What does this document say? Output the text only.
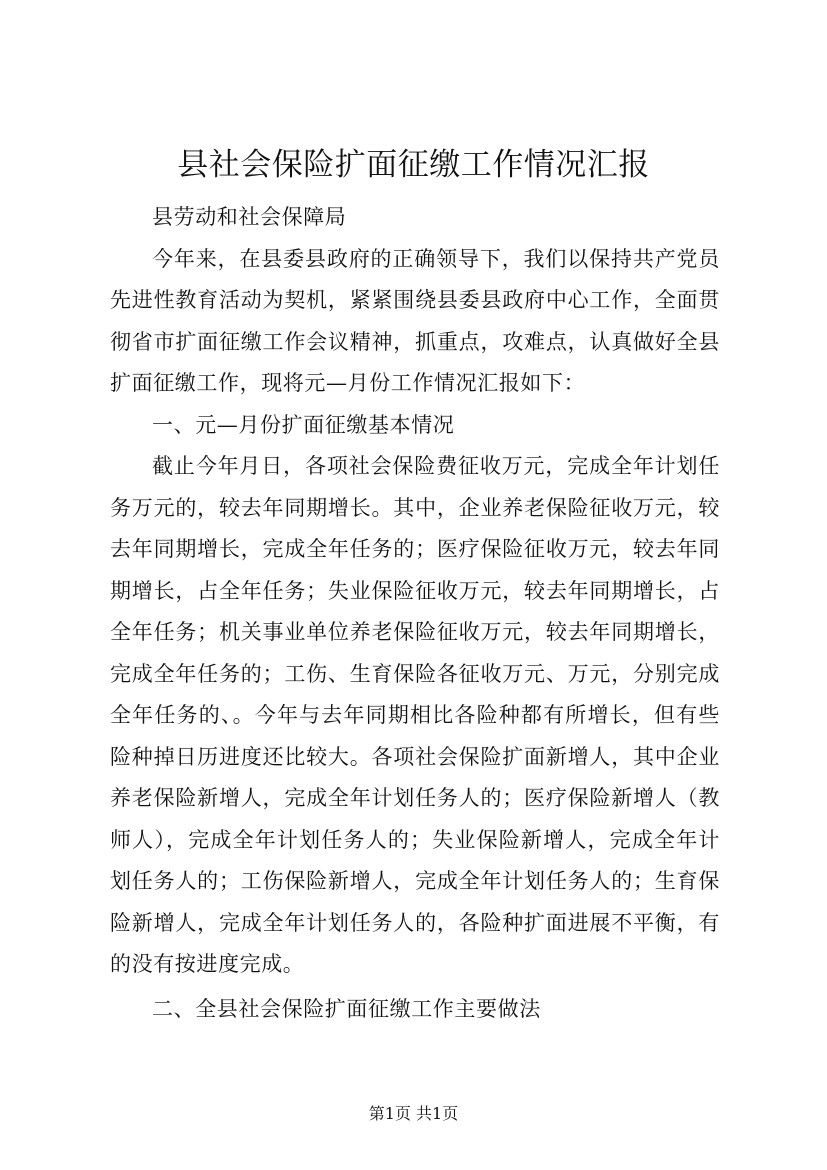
县社会保险扩面征缴工作情况汇报

县劳动和社会保障局

今年来，在县委县政府的正确领导下，我们以保持共产党员先进性教育活动为契机，紧紧围绕县委县政府中心工作，全面贯彻省市扩面征缴工作会议精神，抓重点，攻难点，认真做好全县扩面征缴工作，现将元—月份工作情况汇报如下：

一、元—月份扩面征缴基本情况

截止今年月日，各项社会保险费征收万元，完成全年计划任务万元的，较去年同期增长。其中，企业养老保险征收万元，较去年同期增长，完成全年任务的；医疗保险征收万元，较去年同期增长，占全年任务；失业保险征收万元，较去年同期增长，占全年任务；机关事业单位养老保险征收万元，较去年同期增长，完成全年任务的；工伤、生育保险各征收万元、万元，分别完成全年任务的、。今年与去年同期相比各险种都有所增长，但有些险种掉日历进度还比较大。各项社会保险扩面新增人，其中企业养老保险新增人，完成全年计划任务人的；医疗保险新增人（教师人），完成全年计划任务人的；失业保险新增人，完成全年计划任务人的；工伤保险新增人，完成全年计划任务人的；生育保险新增人，完成全年计划任务人的，各险种扩面进展不平衡，有的没有按进度完成。

二、全县社会保险扩面征缴工作主要做法

第1页 共1页
